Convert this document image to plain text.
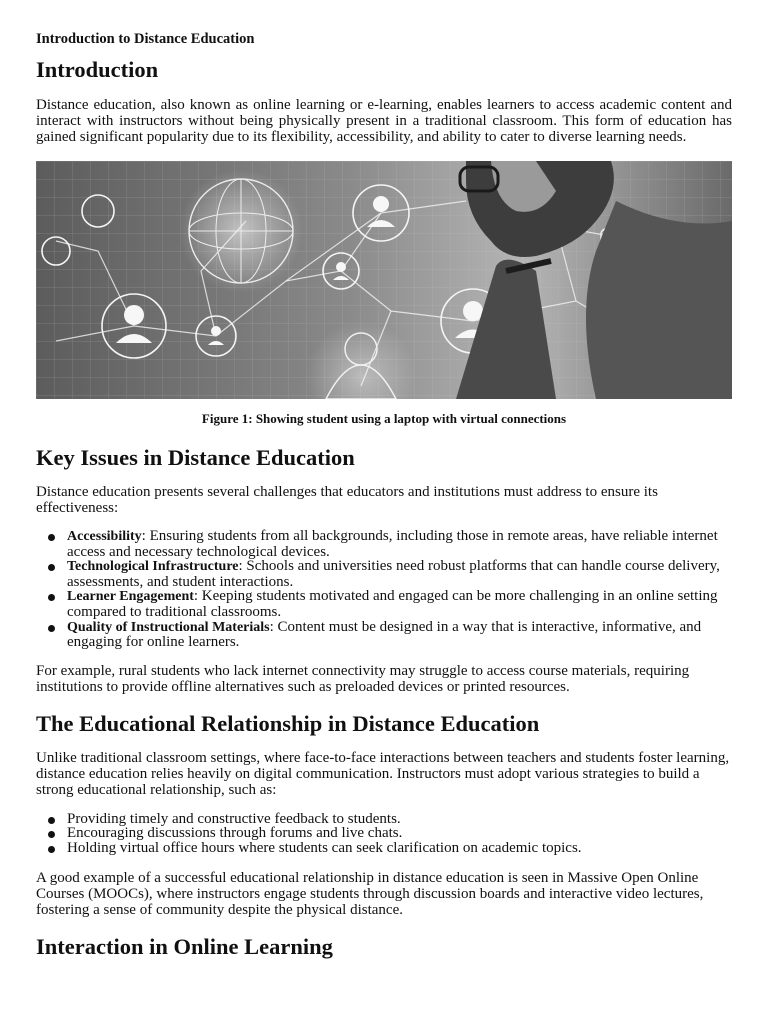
Introduction to Distance Education
Introduction

Distance education, also known as online learning or e-learning, enables learners to access academic content and interact with instructors without being physically present in a traditional classroom. This form of education has gained significant popularity due to its flexibility, accessibility, and ability to cater to diverse learning needs.

Figure 1: Showing student using a laptop with virtual connections
Key Issues in Distance Education

Distance education presents several challenges that educators and institutions must address to ensure its effectiveness:

Accessibility: Ensuring students from all backgrounds, including those in remote areas, have reliable internet access and necessary technological devices.
Technological Infrastructure: Schools and universities need robust platforms that can handle course delivery, assessments, and student interactions.
Learner Engagement: Keeping students motivated and engaged can be more challenging in an online setting compared to traditional classrooms.
Quality of Instructional Materials: Content must be designed in a way that is interactive, informative, and engaging for online learners.

For example, rural students who lack internet connectivity may struggle to access course materials, requiring institutions to provide offline alternatives such as preloaded devices or printed resources.

The Educational Relationship in Distance Education

Unlike traditional classroom settings, where face-to-face interactions between teachers and students foster learning, distance education relies heavily on digital communication. Instructors must adopt various strategies to build a strong educational relationship, such as:

Providing timely and constructive feedback to students.
Encouraging discussions through forums and live chats.
Holding virtual office hours where students can seek clarification on academic topics.

A good example of a successful educational relationship in distance education is seen in Massive Open Online Courses (MOOCs), where instructors engage students through discussion boards and interactive video lectures, fostering a sense of community despite the physical distance.

Interaction in Online Learning
